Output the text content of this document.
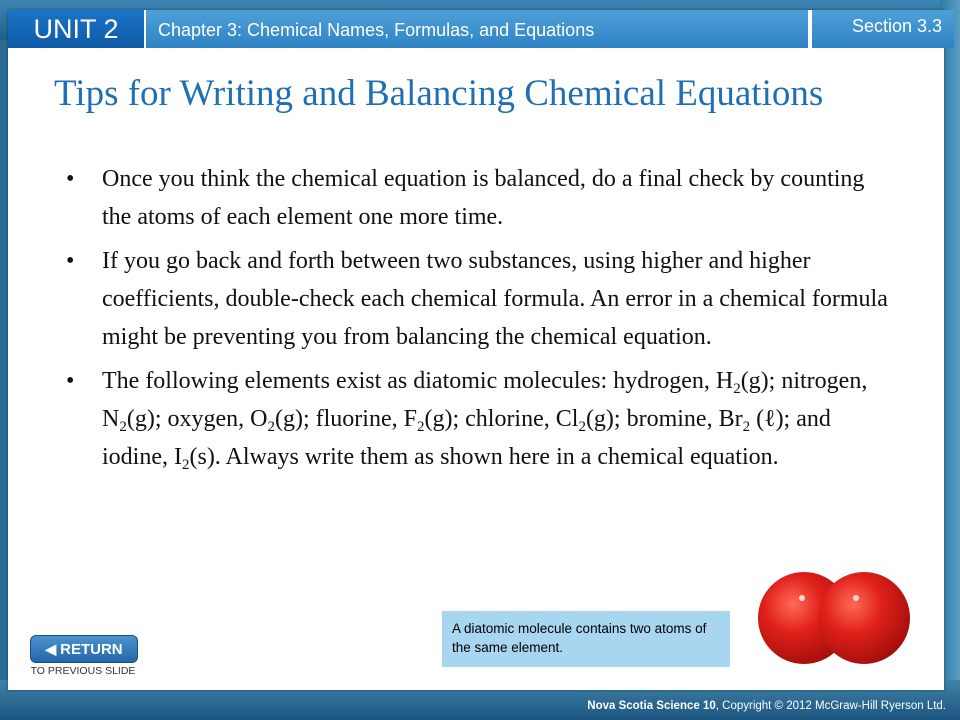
UNIT 2	Chapter 3: Chemical Names, Formulas, and Equations	Section 3.3
Tips for Writing and Balancing Chemical Equations
• Once you think the chemical equation is balanced, do a final check by counting the atoms of each element one more time.
• If you go back and forth between two substances, using higher and higher coefficients, double-check each chemical formula. An error in a chemical formula might be preventing you from balancing the chemical equation.
• The following elements exist as diatomic molecules: hydrogen, $H_2(g)$; nitrogen, $N_2(g)$; oxygen, $O_2(g)$; fluorine, $F_2(g)$; chlorine, $Cl_2(g)$; bromine, $Br_2$ (ℓ); and iodine, $I_2(s)$. Always write them as shown here in a chemical equation.
A diatomic molecule contains two atoms of the same element.
◀ RETURN
TO PREVIOUS SLIDE
Nova Scotia Science 10, Copyright © 2012 McGraw-Hill Ryerson Ltd.
